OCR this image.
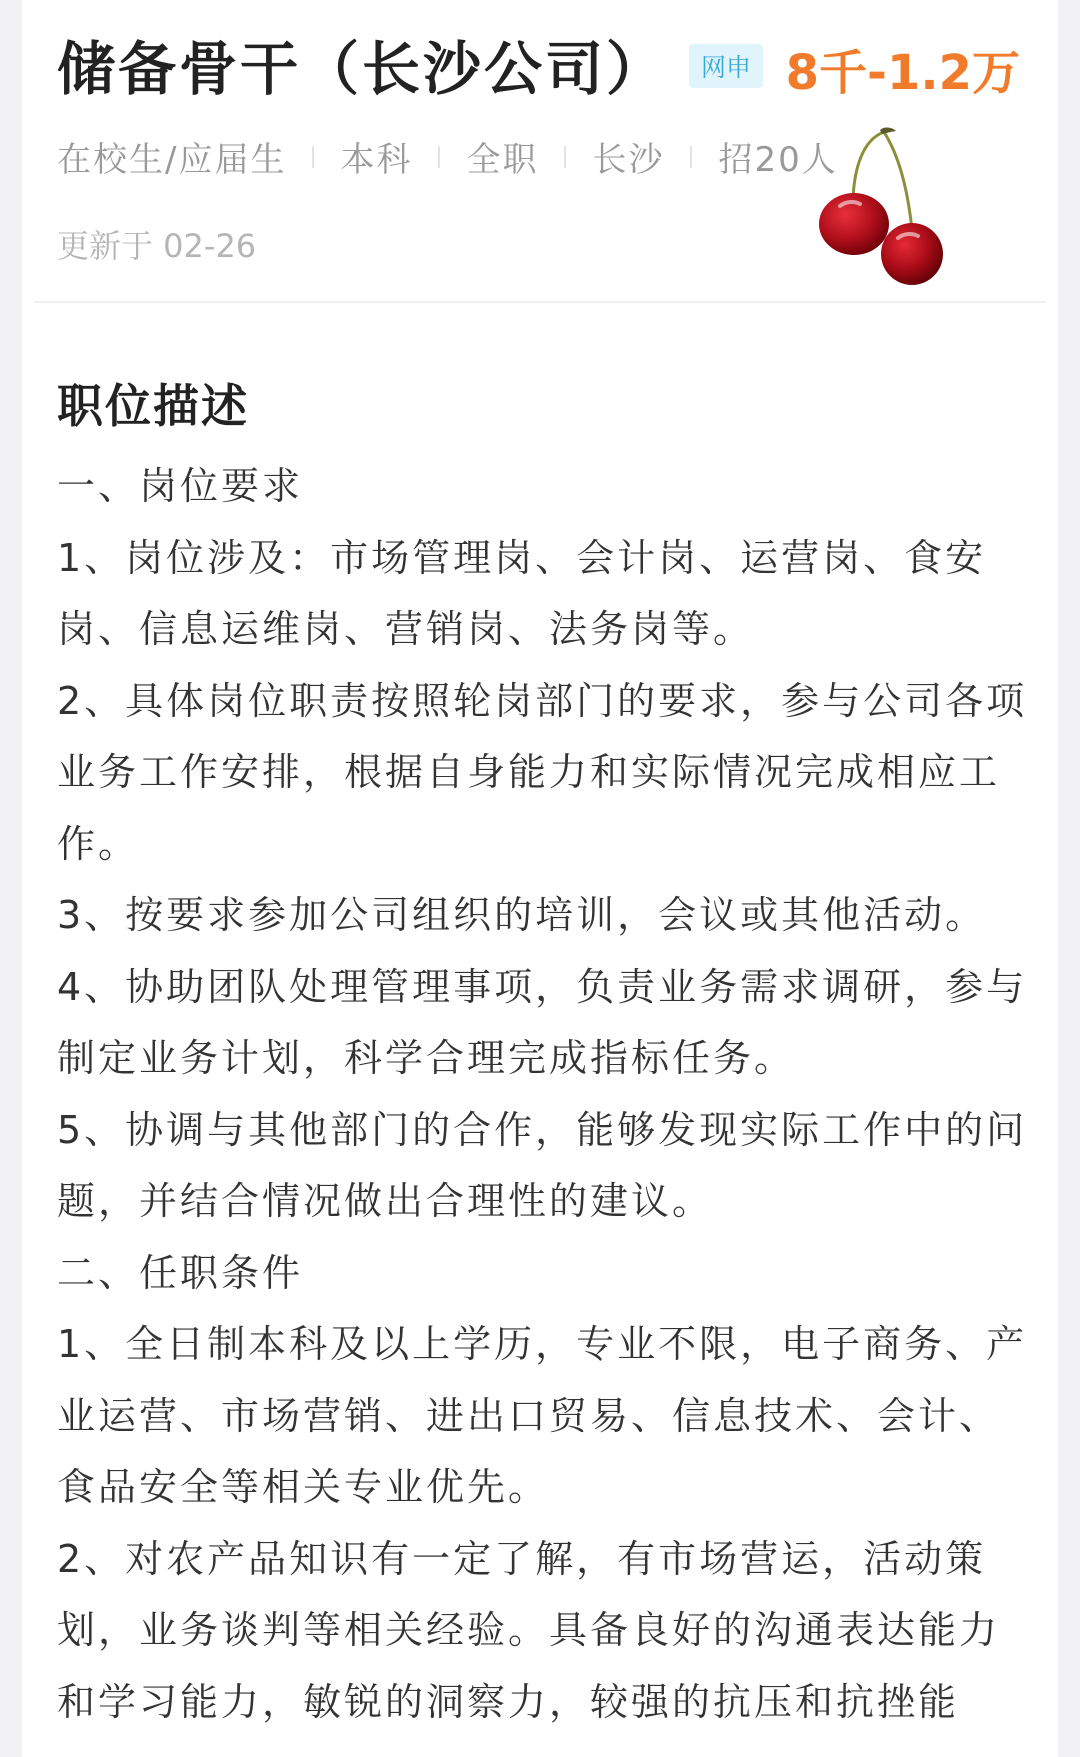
储备骨干（长沙公司）	网申 8千-1.2万
在校生/应届生 本科 全职 长沙 招20人
更新于 02-26
职位描述
一、岗位要求
1、岗位涉及：市场管理岗、会计岗、运营岗、食安
岗、信息运维岗、营销岗、法务岗等。
2、具体岗位职责按照轮岗部门的要求，参与公司各项
业务工作安排，根据自身能力和实际情况完成相应工
作。
3、按要求参加公司组织的培训，会议或其他活动。
4、协助团队处理管理事项，负责业务需求调研，参与
制定业务计划，科学合理完成指标任务。
5、协调与其他部门的合作，能够发现实际工作中的问
题，并结合情况做出合理性的建议。
二、任职条件
1、全日制本科及以上学历，专业不限，电子商务、产
业运营、市场营销、进出口贸易、信息技术、会计、
食品安全等相关专业优先。
2、对农产品知识有一定了解，有市场营运，活动策
划，业务谈判等相关经验。具备良好的沟通表达能力
和学习能力，敏锐的洞察力，较强的抗压和抗挫能
